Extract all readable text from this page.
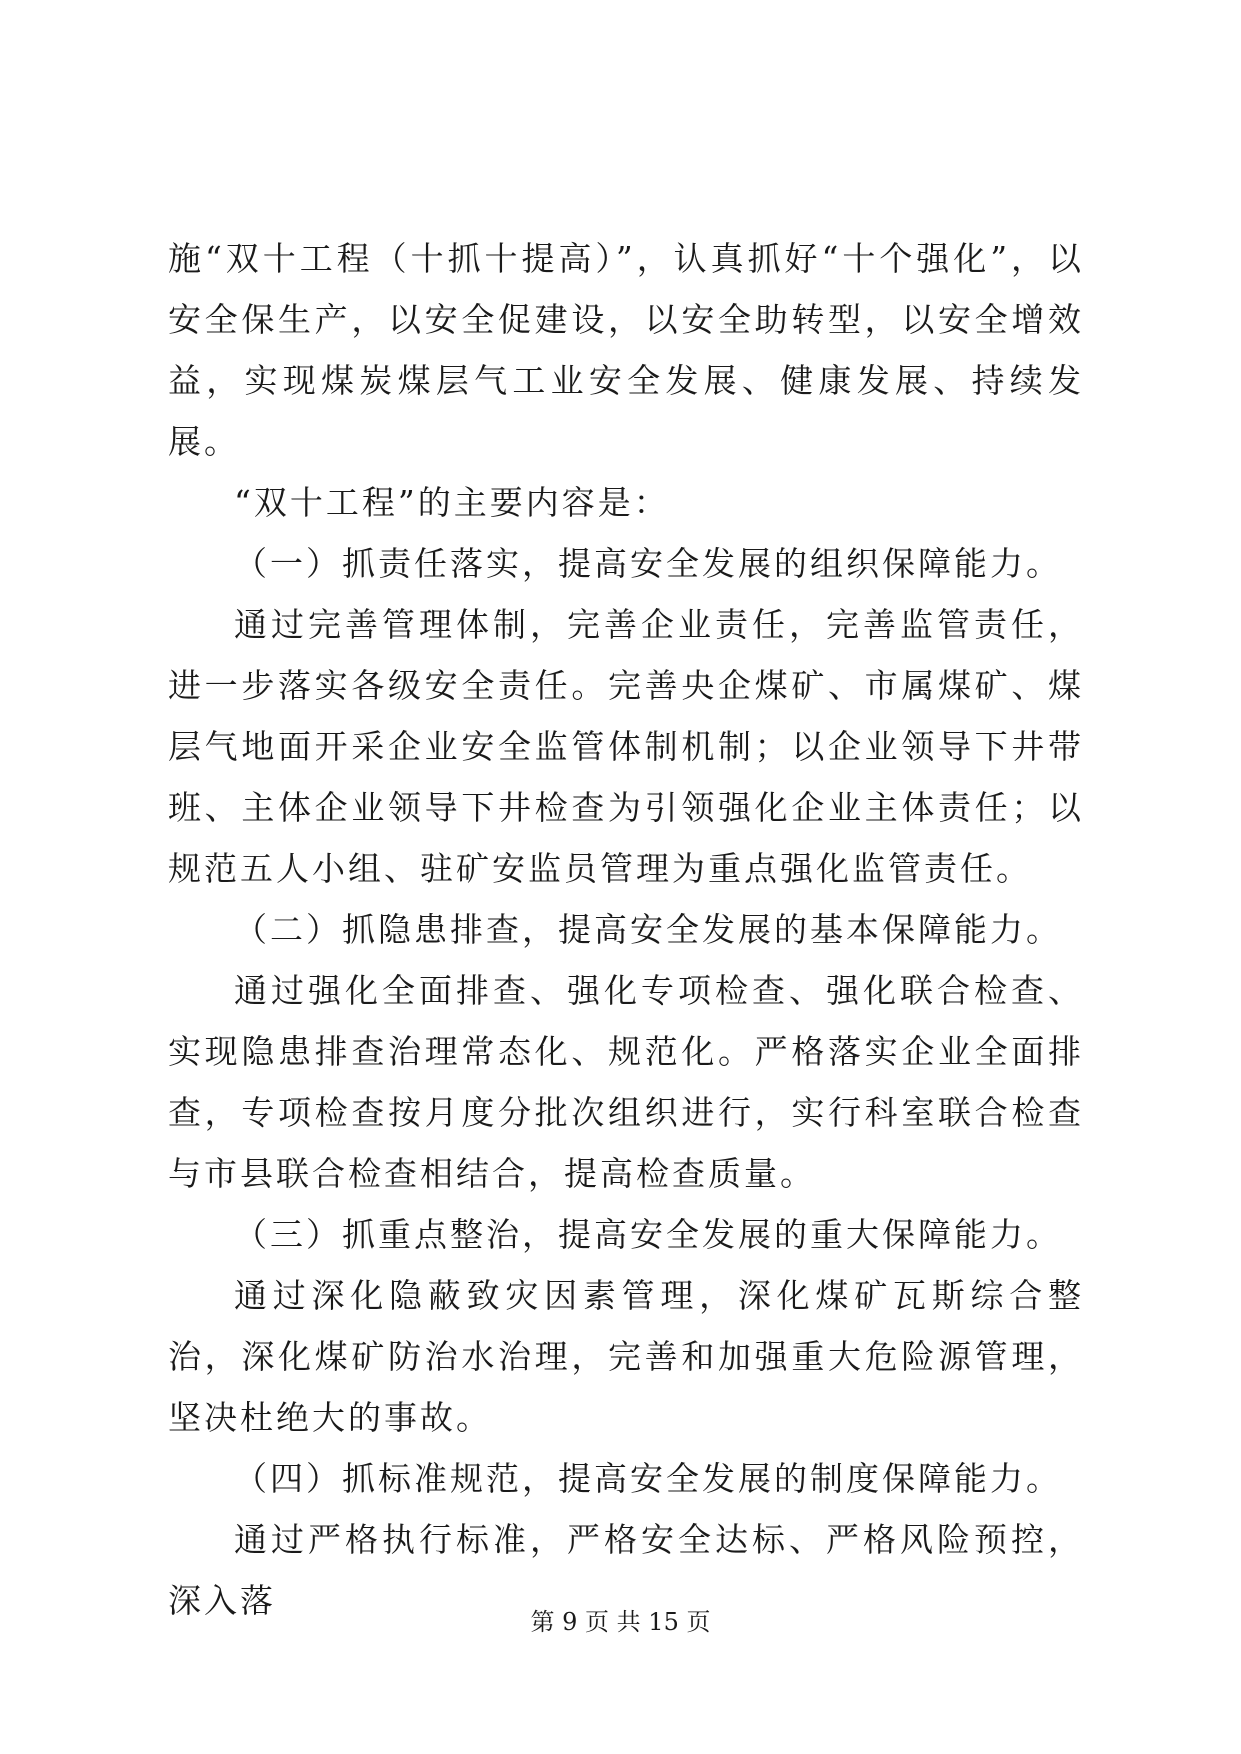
施“双十工程（十抓十提高）”，认真抓好“十个强化”，以安全保生产，以安全促建设，以安全助转型，以安全增效益，实现煤炭煤层气工业安全发展、健康发展、持续发展。

“双十工程”的主要内容是：

（一）抓责任落实，提高安全发展的组织保障能力。

通过完善管理体制，完善企业责任，完善监管责任，进一步落实各级安全责任。完善央企煤矿、市属煤矿、煤层气地面开采企业安全监管体制机制；以企业领导下井带班、主体企业领导下井检查为引领强化企业主体责任；以规范五人小组、驻矿安监员管理为重点强化监管责任。

（二）抓隐患排查，提高安全发展的基本保障能力。

通过强化全面排查、强化专项检查、强化联合检查、实现隐患排查治理常态化、规范化。严格落实企业全面排查，专项检查按月度分批次组织进行，实行科室联合检查与市县联合检查相结合，提高检查质量。

（三）抓重点整治，提高安全发展的重大保障能力。

通过深化隐蔽致灾因素管理，深化煤矿瓦斯综合整治，深化煤矿防治水治理，完善和加强重大危险源管理，坚决杜绝大的事故。

（四）抓标准规范，提高安全发展的制度保障能力。

通过严格执行标准，严格安全达标、严格风险预控，深入落

第 9 页 共 15 页
